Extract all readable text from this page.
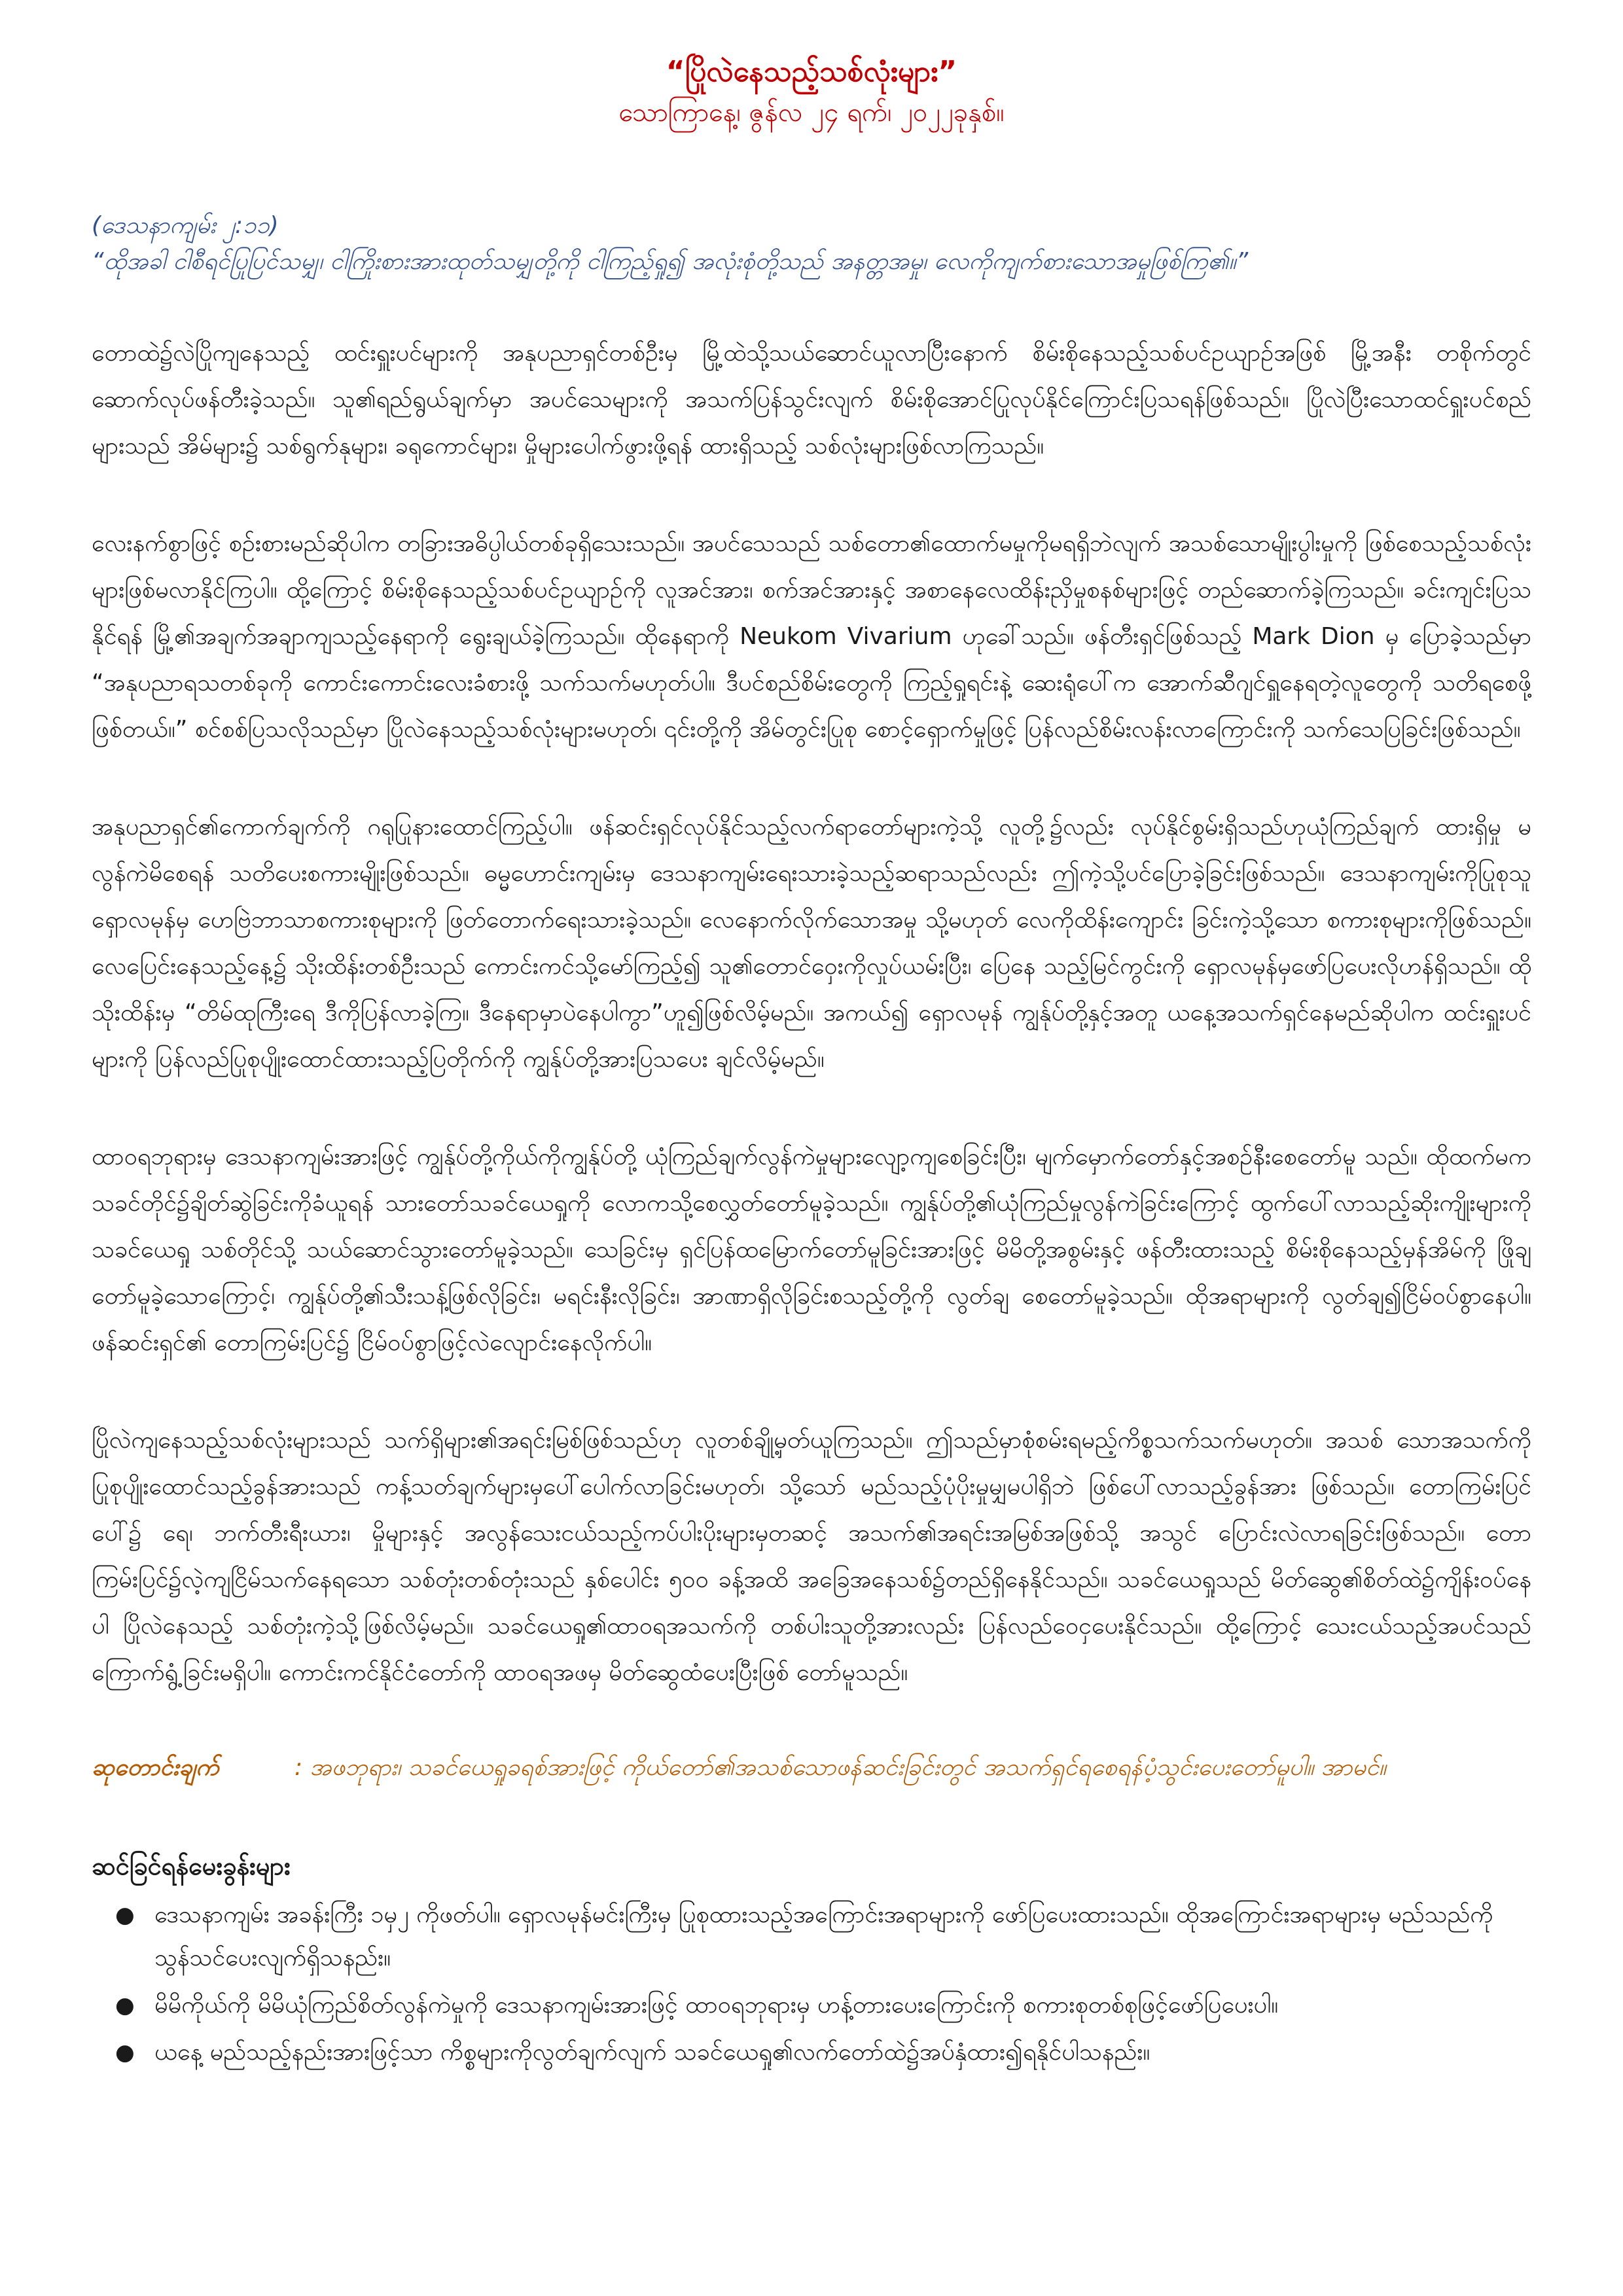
“ပြိုလဲနေသည့်သစ်လုံးများ”
သောကြာနေ့၊ ဇွန်လ ၂၄ ရက်၊ ၂၀၂၂ခုနှစ်။
(ဒေသနာကျမ်း ၂:၁၁)
“ထိုအခါ ငါစီရင်ပြုပြင်သမျှ၊ ငါကြိုးစားအားထုတ်သမျှတို့ကို ငါကြည့်ရှု၍ အလုံးစုံတို့သည် အနတ္တအမှု၊ လေကိုကျက်စားသောအမှုဖြစ်ကြ၏။”

တောထဲ၌လဲပြိုကျနေသည့် ထင်းရှူးပင်များကို အနုပညာရှင်တစ်ဦးမှ မြို့ထဲသို့သယ်ဆောင်ယူလာပြီးနောက် စိမ်းစိုနေသည့်သစ်ပင်ဥယျာဉ်အဖြစ် မြို့အနီး တစိုက်တွင် ဆောက်လုပ်ဖန်တီးခဲ့သည်။ သူ၏ရည်ရွယ်ချက်မှာ အပင်သေများကို အသက်ပြန်သွင်းလျက် စိမ်းစိုအောင်ပြုလုပ်နိုင်ကြောင်းပြသရန်ဖြစ်သည်။ ပြိုလဲပြီးသောထင်ရှူးပင်စည်များသည် အိမ်များ၌ သစ်ရွက်နုများ၊ ခရုကောင်များ၊ မှိုများပေါက်ဖွားဖို့ရန် ထားရှိသည့် သစ်လုံးများဖြစ်လာကြသည်။

လေးနက်စွာဖြင့် စဉ်းစားမည်ဆိုပါက တခြားအဓိပ္ပါယ်တစ်ခုရှိသေးသည်။ အပင်သေသည် သစ်တော၏ထောက်မမှုကိုမရရှိဘဲလျက် အသစ်သောမျိုးပွါးမှုကို ဖြစ်စေသည့်သစ်လုံးများဖြစ်မလာနိုင်ကြပါ။ ထို့ကြောင့် စိမ်းစိုနေသည့်သစ်ပင်ဥယျာဉ်ကို လူအင်အား၊ စက်အင်အားနှင့် အစာနေလေထိန်းညှိမှုစနစ်များဖြင့် တည်ဆောက်ခဲ့ကြသည်။ ခင်းကျင်းပြသနိုင်ရန် မြို့၏အချက်အချာကျသည့်နေရာကို ရွေးချယ်ခဲ့ကြသည်။ ထိုနေရာကို Neukom Vivarium ဟုခေါ်သည်။ ဖန်တီးရှင်ဖြစ်သည့် Mark Dion မှ ပြောခဲ့သည်မှာ “အနုပညာရသတစ်ခုကို ကောင်းကောင်းလေးခံစားဖို့ သက်သက်မဟုတ်ပါ။ ဒီပင်စည်စိမ်းတွေကို ကြည့်ရှုရင်းနဲ့ ဆေးရုံပေါ်က အောက်ဆီဂျင်ရှူနေရတဲ့လူတွေကို သတိရစေဖို့ဖြစ်တယ်။” စင်စစ်ပြသလိုသည်မှာ ပြိုလဲနေသည့်သစ်လုံးများမဟုတ်၊ ၎င်းတို့ကို အိမ်တွင်းပြုစု စောင့်ရှောက်မှုဖြင့် ပြန်လည်စိမ်းလန်းလာကြောင်းကို သက်သေပြခြင်းဖြစ်သည်။

အနုပညာရှင်၏ကောက်ချက်ကို ဂရုပြုနားထောင်ကြည့်ပါ။ ဖန်ဆင်းရှင်လုပ်နိုင်သည့်လက်ရာတော်များကဲ့သို့ လူတို့၌လည်း လုပ်နိုင်စွမ်းရှိသည်ဟုယုံကြည်ချက် ထားရှိမှု မလွန်ကဲမိစေရန် သတိပေးစကားမျိုးဖြစ်သည်။ ဓမ္မဟောင်းကျမ်းမှ ဒေသနာကျမ်းရေးသားခဲ့သည့်ဆရာသည်လည်း ဤကဲ့သို့ပင်ပြောခဲ့ခြင်းဖြစ်သည်။ ဒေသနာကျမ်းကိုပြုစုသူ ရှောလမုန်မှ ဟေဗြဲဘာသာစကားစုများကို ဖြတ်တောက်ရေးသားခဲ့သည်။ လေနောက်လိုက်သောအမှု သို့မဟုတ် လေကိုထိန်းကျောင်း ခြင်းကဲ့သို့သော စကားစုများကိုဖြစ်သည်။ လေပြေင်းနေသည့်နေ့၌ သိုးထိန်းတစ်ဦးသည် ကောင်းကင်သို့မော်ကြည့်၍ သူ၏တောင်ဝှေးကိုလှုပ်ယမ်းပြီး၊ ပြေနေ သည့်မြင်ကွင်းကို ရှောလမုန်မှဖော်ပြပေးလိုဟန်ရှိသည်။ ထိုသိုးထိန်းမှ “တိမ်ထုကြီးရေ ဒီကိုပြန်လာခဲ့ကြ။ ဒီနေရာမှာပဲနေပါကွာ”ဟူ၍ဖြစ်လိမ့်မည်။ အကယ်၍ ရှောလမုန် ကျွန်ုပ်တို့နှင့်အတူ ယနေ့အသက်ရှင်နေမည်ဆိုပါက ထင်းရှူးပင်များကို ပြန်လည်ပြုစုပျိုးထောင်ထားသည့်ပြတိုက်ကို ကျွန်ုပ်တို့အားပြသပေး ချင်လိမ့်မည်။

ထာဝရဘုရားမှ ဒေသနာကျမ်းအားဖြင့် ကျွန်ုပ်တို့ကိုယ်ကိုကျွန်ုပ်တို့ ယုံကြည်ချက်လွန်ကဲမှုများလျော့ကျစေခြင်းပြီး၊ မျက်မှောက်တော်နှင့်အစဉ်နီးစေတော်မူ သည်။ ထိုထက်မက သခင်တိုင်၌ချိတ်ဆွဲခြင်းကိုခံယူရန် သားတော်သခင်ယေရှုကို လောကသို့စေလွှတ်တော်မူခဲ့သည်။ ကျွန်ုပ်တို့၏ယုံကြည်မှုလွန်ကဲခြင်းကြောင့် ထွက်ပေါ်လာသည့်ဆိုးကျိုးများကို သခင်ယေရှု သစ်တိုင်သို့ သယ်ဆောင်သွားတော်မူခဲ့သည်။ သေခြင်းမှ ရှင်ပြန်ထမြောက်တော်မူခြင်းအားဖြင့် မိမိတို့အစွမ်းနှင့် ဖန်တီးထားသည့် စိမ်းစိုနေသည့်မှန်အိမ်ကို ဖြိုချတော်မူခဲ့သောကြောင့်၊ ကျွန်ုပ်တို့၏သီးသန့်ဖြစ်လိုခြင်း၊ မရင်းနီးလိုခြင်း၊ အာဏာရှိလိုခြင်းစသည့်တို့ကို လွတ်ချ စေတော်မူခဲ့သည်။ ထိုအရာများကို လွတ်ချ၍ငြိမ်ဝပ်စွာနေပါ။ ဖန်ဆင်းရှင်၏ တောကြမ်းပြင်၌ ငြိမ်ဝပ်စွာဖြင့်လဲလျောင်းနေလိုက်ပါ။

ပြိုလဲကျနေသည့်သစ်လုံးများသည် သက်ရှိများ၏အရင်းမြစ်ဖြစ်သည်ဟု လူတစ်ချို့မှတ်ယူကြသည်။ ဤသည်မှာစုံစမ်းရမည့်ကိစ္စသက်သက်မဟုတ်။ အသစ် သောအသက်ကိုပြုစုပျိုးထောင်သည့်ခွန်အားသည် ကန့်သတ်ချက်များမှပေါ်ပေါက်လာခြင်းမဟုတ်၊ သို့သော် မည်သည့်ပုံပိုးမှုမျှမပါရှိဘဲ ဖြစ်ပေါ်လာသည့်ခွန်အား ဖြစ်သည်။ တောကြမ်းပြင်ပေါ်၌ ရေ၊ ဘက်တီးရီးယား၊ မှိုများနှင့် အလွန်သေးငယ်သည့်ကပ်ပါးပိုးများမှတဆင့် အသက်၏အရင်းအမြစ်အဖြစ်သို့ အသွင် ပြောင်းလဲလာရခြင်းဖြစ်သည်။ တောကြမ်းပြင်၌လဲ့ကျငြိမ်သက်နေရသော သစ်တုံးတစ်တုံးသည် နှစ်ပေါင်း ၅၀၀ ခန့်အထိ အခြေအနေသစ်၌တည်ရှိနေနိုင်သည်။ သခင်ယေရှုသည် မိတ်ဆွေ၏စိတ်ထဲ၌ကျိန်းဝပ်နေပါ ပြိုလဲနေသည့် သစ်တုံးကဲ့သို့ဖြစ်လိမ့်မည်။ သခင်ယေရှု၏ထာဝရအသက်ကို တစ်ပါးသူတို့အားလည်း ပြန်လည်ဝေငှပေးနိုင်သည်။ ထို့ကြောင့် သေးငယ်သည့်အပင်သည် ကြောက်ရွံ့ခြင်းမရှိပါ။ ကောင်းကင်နိုင်ငံတော်ကို ထာဝရအဖမှ မိတ်ဆွေထံပေးပြီးဖြစ် တော်မူသည်။

ဆုတောင်းချက်	: အဖဘုရား၊ သခင်ယေရှုခရစ်အားဖြင့် ကိုယ်တော်၏အသစ်သောဖန်ဆင်းခြင်းတွင် အသက်ရှင်ရစေရန်ပံ့သွင်းပေးတော်မူပါ။ အာမင်။
ဆင်ခြင်ရန်မေးခွန်းများ
● ဒေသနာကျမ်း အခန်းကြီး ၁မှ၂ ကိုဖတ်ပါ။ ရှောလမုန်မင်းကြီးမှ ပြုစုထားသည့်အကြောင်းအရာများကို ဖော်ပြပေးထားသည်။ ထိုအကြောင်းအရာများမှ မည်သည်ကို သွန်သင်ပေးလျက်ရှိသနည်း။
● မိမိကိုယ်ကို မိမိယုံကြည်စိတ်လွန်ကဲမှုကို ဒေသနာကျမ်းအားဖြင့် ထာဝရဘုရားမှ ဟန့်တားပေးကြောင်းကို စကားစုတစ်စုဖြင့်ဖော်ပြပေးပါ။
● ယနေ့ မည်သည့်နည်းအားဖြင့်သာ ကိစ္စများကိုလွတ်ချက်လျက် သခင်ယေရှု၏လက်တော်ထဲ၌အပ်နှံထား၍ရနိုင်ပါသနည်း။
